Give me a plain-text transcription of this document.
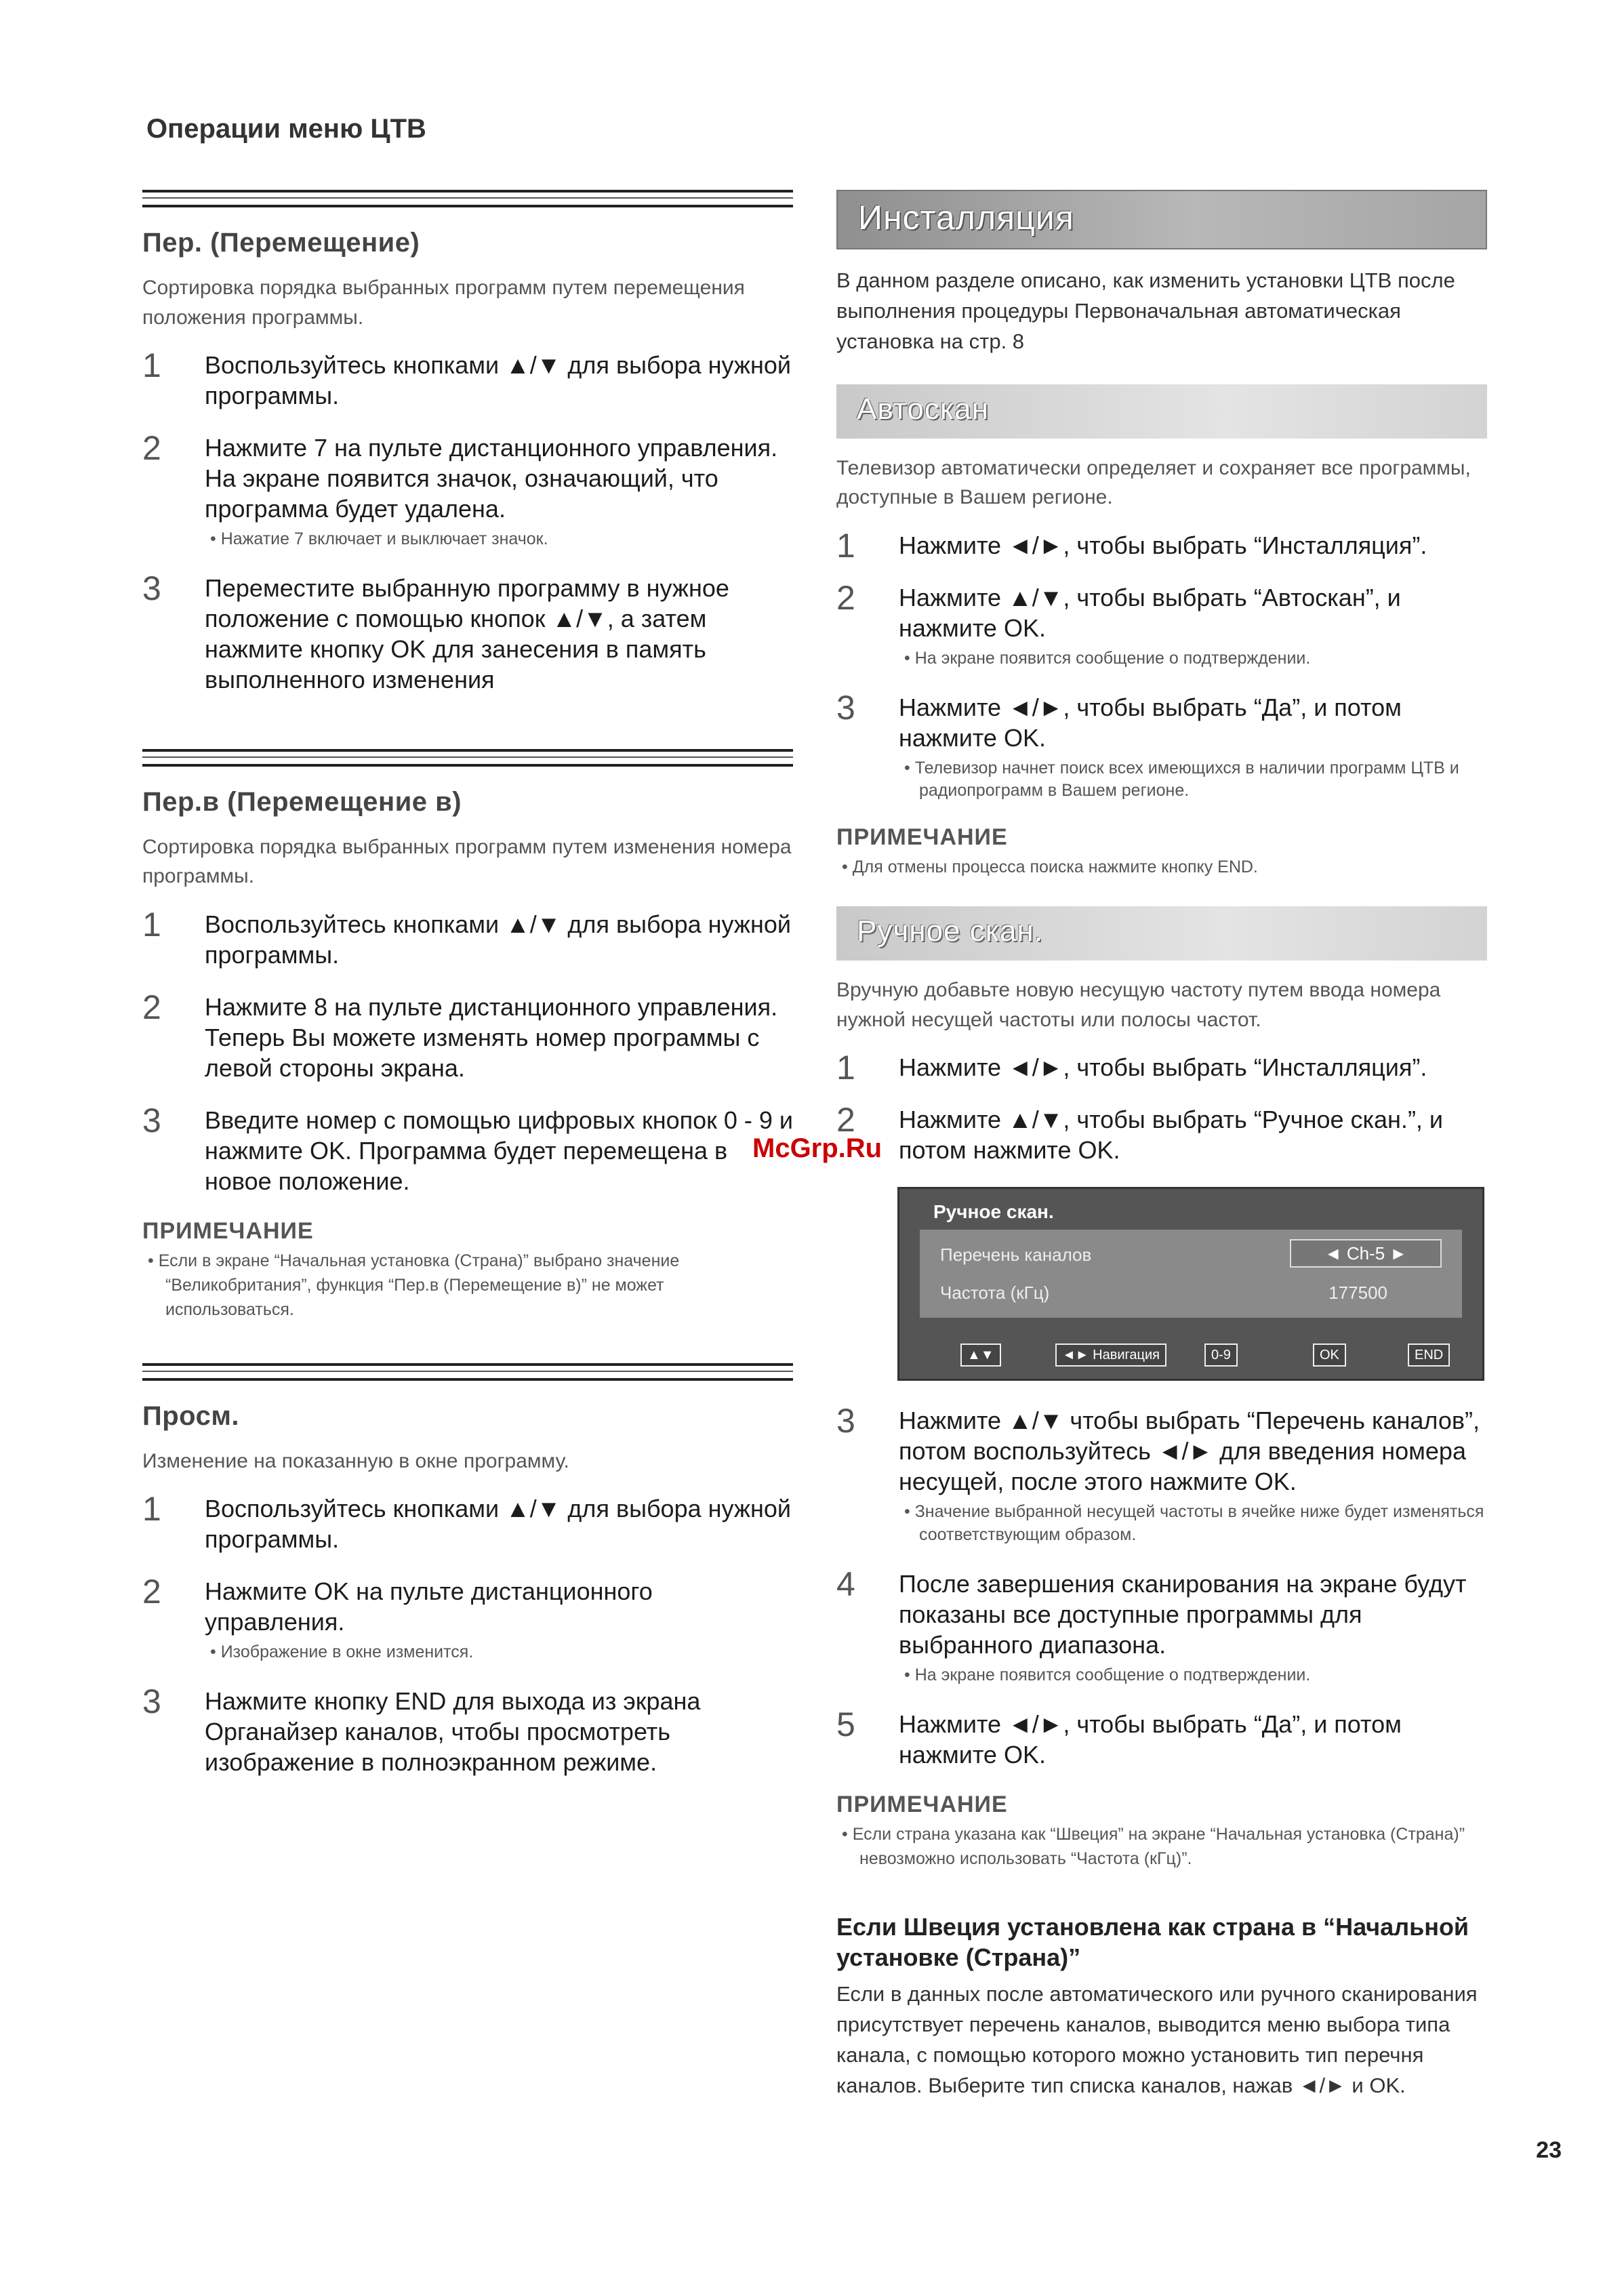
Операции меню ЦТВ
Пер. (Перемещение)

Сортировка порядка выбранных программ путем перемещения положения программы.

1	Воспользуйтесь кнопками ▲/▼ для выбора нужной программы.
2	Нажмите 7 на пульте дистанционного управления. На экране появится значок, означающий, что программа будет удалена.
• Нажатие 7 включает и выключает значок.
3	Переместите выбранную программу в нужное положение с помощью кнопок ▲/▼, а затем нажмите кнопку OK для занесения в память выполненного изменения
Пер.в (Перемещение в)

Сортировка порядка выбранных программ путем изменения номера программы.

1	Воспользуйтесь кнопками ▲/▼ для выбора нужной программы.
2	Нажмите 8 на пульте дистанционного управления. Теперь Вы можете изменять номер программы с левой стороны экрана.
3	Введите номер с помощью цифровых кнопок 0 - 9 и нажмите OK. Программа будет перемещена в новое положение.
ПРИМЕЧАНИЕ
• Если в экране “Начальная установка (Страна)” выбрано значение “Великобритания”, функция “Пер.в (Перемещение в)” не может использоваться.
Просм.

Изменение на показанную в окне программу.

1	Воспользуйтесь кнопками ▲/▼ для выбора нужной программы.
2	Нажмите OK на пульте дистанционного управления.
• Изображение в окне изменится.
3	Нажмите кнопку END для выхода из экрана Органайзер каналов, чтобы просмотреть изображение в полноэкранном режиме.
Инсталляция

В данном разделе описано, как изменить установки ЦТВ после выполнения процедуры Первоначальная автоматическая установка на стр. 8

Автоскан

Телевизор автоматически определяет и сохраняет все программы, доступные в Вашем регионе.

1	Нажмите ◄/►, чтобы выбрать “Инсталляция”.
2	Нажмите ▲/▼, чтобы выбрать “Автоскан”, и нажмите OK.
• На экране появится сообщение о подтверждении.
3	Нажмите ◄/►, чтобы выбрать “Да”, и потом нажмите OK.
• Телевизор начнет поиск всех имеющихся в наличии программ ЦТВ и радиопрограмм в Вашем регионе.
ПРИМЕЧАНИЕ
• Для отмены процесса поиска нажмите кнопку END.
Ручное скан.

Вручную добавьте новую несущую частоту путем ввода номера нужной несущей частоты или полосы частот.

1	Нажмите ◄/►, чтобы выбрать “Инсталляция”.
2	Нажмите ▲/▼, чтобы выбрать “Ручное скан.”, и потом нажмите OK.
Ручное скан.
Перечень каналов	◄ Ch-5 ►
Частота (кГц)	177500
▲▼	◄► Навигация	0-9	OK	END
3	Нажмите ▲/▼ чтобы выбрать “Перечень каналов”, потом воспользуйтесь ◄/► для введения номера несущей, после этого нажмите OK.
• Значение выбранной несущей частоты в ячейке ниже будет изменяться соответствующим образом.
4	После завершения сканирования на экране будут показаны все доступные программы для выбранного диапазона.
• На экране появится сообщение о подтверждении.
5	Нажмите ◄/►, чтобы выбрать “Да”, и потом нажмите OK.
ПРИМЕЧАНИЕ
• Если страна указана как “Швеция” на экране “Начальная установка (Страна)” невозможно использовать “Частота (кГц)”.
Если Швеция установлена как страна в “Начальной установке (Страна)”
Если в данных после автоматического или ручного сканирования присутствует перечень каналов, выводится меню выбора типа канала, с помощью которого можно установить тип перечня каналов. Выберите тип списка каналов, нажав ◄/► и OK.
McGrp.Ru
23
